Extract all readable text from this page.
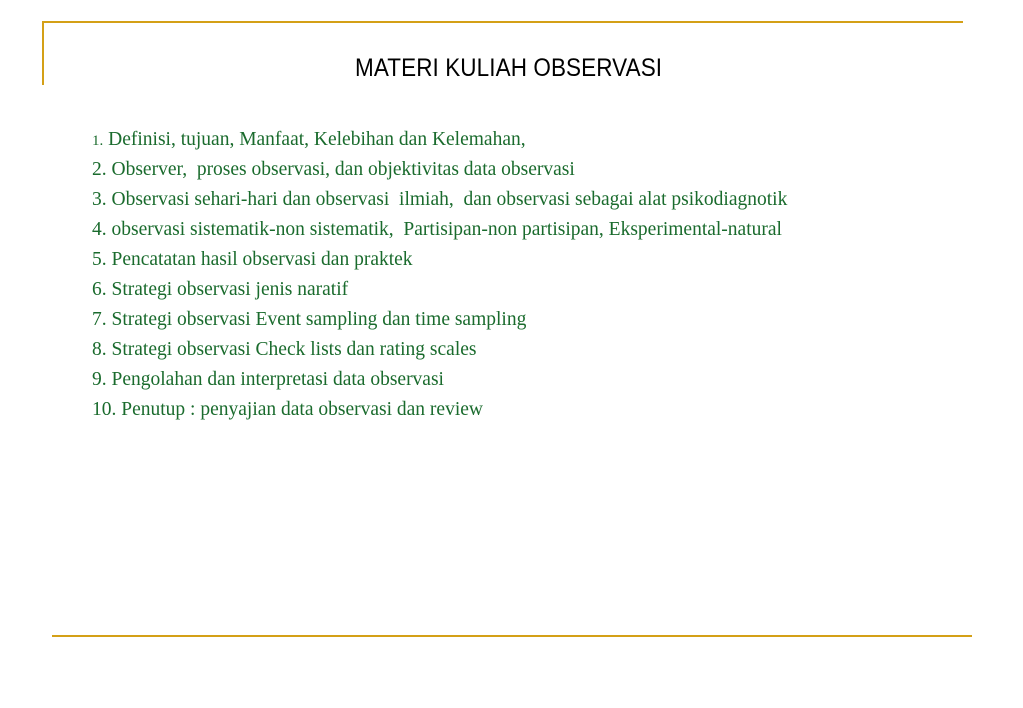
MATERI KULIAH OBSERVASI
1. Definisi, tujuan, Manfaat, Kelebihan dan Kelemahan,
2. Observer,  proses observasi, dan objektivitas data observasi
3. Observasi sehari-hari dan observasi  ilmiah,  dan observasi sebagai alat psikodiagnotik
4. observasi sistematik-non sistematik,  Partisipan-non partisipan, Eksperimental-natural
5. Pencatatan hasil observasi dan praktek
6. Strategi observasi jenis naratif
7. Strategi observasi Event sampling dan time sampling
8. Strategi observasi Check lists dan rating scales
9. Pengolahan dan interpretasi data observasi
10. Penutup : penyajian data observasi dan review
